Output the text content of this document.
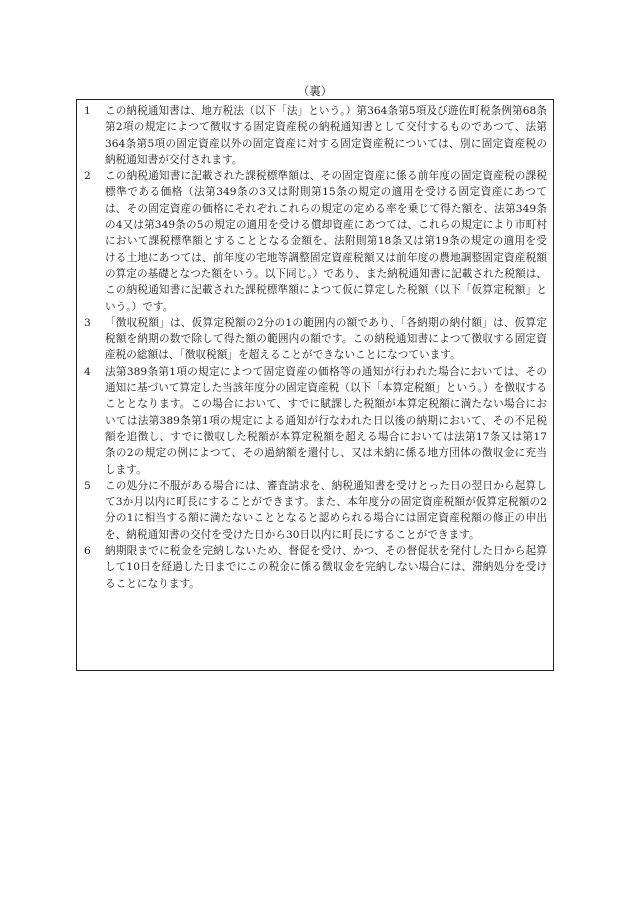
（裏）

1 この納税通知書は、地方税法（以下「法」という。）第364条第5項及び遊佐町税条例第68条第2項の規定によつて徴収する固定資産税の納税通知書として交付するものであつて、法第364条第5項の固定資産以外の固定資産に対する固定資産税については、別に固定資産税の納税通知書が交付されます。

2 この納税通知書に記載された課税標準額は、その固定資産に係る前年度の固定資産税の課税標準である価格（法第349条の3又は附則第15条の規定の適用を受ける固定資産にあつては、その固定資産の価格にそれぞれこれらの規定の定める率を乗じて得た額を、法第349条の4又は第349条の5の規定の適用を受ける償却資産にあつては、これらの規定により市町村において課税標準額とすることとなる金額を、法附則第18条又は第19条の規定の適用を受ける土地にあつては、前年度の宅地等調整固定資産税額又は前年度の農地調整固定資産税額の算定の基礎となつた額をいう。以下同じ。）であり、また納税通知書に記載された税額は、この納税通知書に記載された課税標準額によつて仮に算定した税額（以下「仮算定税額」という。）です。

3 「徴収税額」は、仮算定税額の2分の1の範囲内の額であり、「各納期の納付額」は、仮算定税額を納期の数で除して得た額の範囲内の額です。この納税通知書によつて徴収する固定資産税の総額は、「徴収税額」を超えることができないことになつています。

4 法第389条第1項の規定によつて固定資産の価格等の通知が行われた場合においては、その通知に基づいて算定した当該年度分の固定資産税（以下「本算定税額」という。）を徴収することとなります。この場合において、すでに賦課した税額が本算定税額に満たない場合においては法第389条第1項の規定による通知が行なわれた日以後の納期において、その不足税額を追徴し、すでに徴収した税額が本算定税額を超える場合においては法第17条又は第17条の2の規定の例によつて、その過納額を還付し、又は未納に係る地方団体の徴収金に充当します。

5 この処分に不服がある場合には、審査請求を、納税通知書を受けとった日の翌日から起算して3か月以内に町長にすることができます。また、本年度分の固定資産税額が仮算定税額の2分の1に相当する額に満たないこととなると認められる場合には固定資産税額の修正の申出を、納税通知書の交付を受けた日から30日以内に町長にすることができます。

6 納期限までに税金を完納しないため、督促を受け、かつ、その督促状を発付した日から起算して10日を経過した日までにこの税金に係る徴収金を完納しない場合には、滞納処分を受けることになります。
